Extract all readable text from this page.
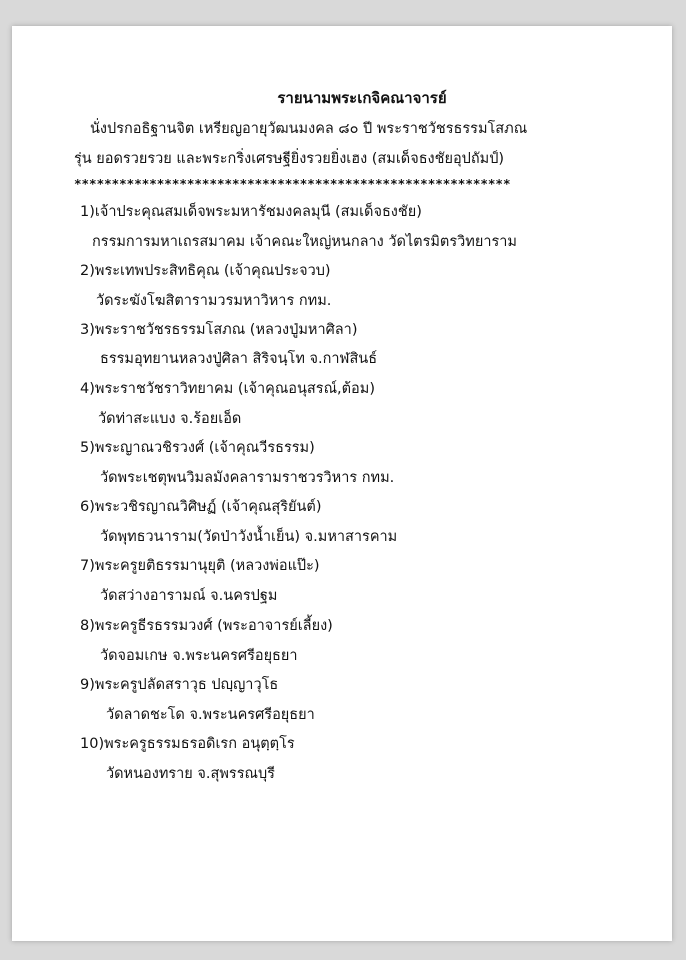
รายนามพระเกจิคณาจารย์
นั่งปรกอธิฐานจิต เหรียญอายุวัฒนมงคล ๘๐ ปี พระราชวัชรธรรมโสภณ
รุ่น ยอดรวยรวย และพระกริ่งเศรษฐียิ่งรวยยิ่งเฮง (สมเด็จธงชัยอุปถัมป์)
**********************************************************
1)เจ้าประคุณสมเด็จพระมหารัชมงคลมุนี (สมเด็จธงชัย)
กรรมการมหาเถรสมาคม เจ้าคณะใหญ่หนกลาง วัดไตรมิตรวิทยาราม
2)พระเทพประสิทธิคุณ (เจ้าคุณประจวบ)
วัดระฆังโฆสิตารามวรมหาวิหาร กทม.
3)พระราชวัชรธรรมโสภณ (หลวงปู่มหาศิลา)
ธรรมอุทยานหลวงปู่ศิลา สิริจนฺโท จ.กาฬสินธ์
4)พระราชวัชราวิทยาคม (เจ้าคุณอนุสรณ์,ต้อม)
วัดท่าสะแบง จ.ร้อยเอ็ด
5)พระญาณวชิรวงศ์ (เจ้าคุณวีรธรรม)
วัดพระเชตุพนวิมลมังคลารามราชวรวิหาร กทม.
6)พระวชิรญาณวิศิษฏ์ (เจ้าคุณสุริยันต์)
วัดพุทธวนาราม(วัดป่าวังน้ำเย็น) จ.มหาสารคาม
7)พระครูยติธรรมานุยุติ (หลวงพ่อแป๊ะ)
วัดสว่างอารามณ์ จ.นครปฐม
8)พระครูธีรธรรมวงศ์ (พระอาจารย์เลี้ยง)
วัดจอมเกษ จ.พระนครศรีอยุธยา
9)พระครูปลัดสราวุธ ปญฺญาวุโธ
วัดลาดชะโด จ.พระนครศรีอยุธยา
10)พระครูธรรมธรอดิเรก อนุตฺตฺโร
วัดหนองทราย จ.สุพรรณบุรี
